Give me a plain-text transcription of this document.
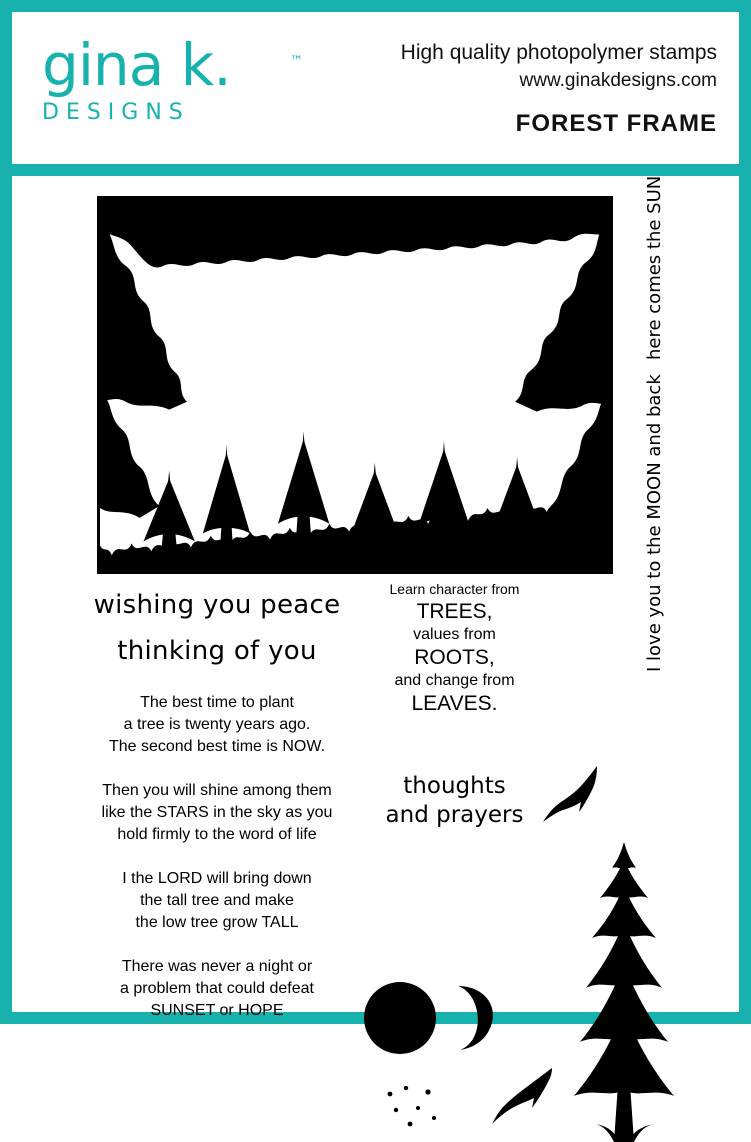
gina k.	™
DESIGNS
High quality photopolymer stamps
www.ginakdesigns.com
FOREST FRAME
here comes the SUN
I love you to the MOON and back
wishing you peace
thinking of you
The best time to plant
a tree is twenty years ago.
The second best time is NOW.
Then you will shine among them
like the STARS in the sky as you
hold firmly to the word of life
I the LORD will bring down
the tall tree and make
the low tree grow TALL
There was never a night or
a problem that could defeat
SUNSET or HOPE
Learn character from
TREES,
values from
ROOTS,
and change from
LEAVES.
thoughts
and prayers
